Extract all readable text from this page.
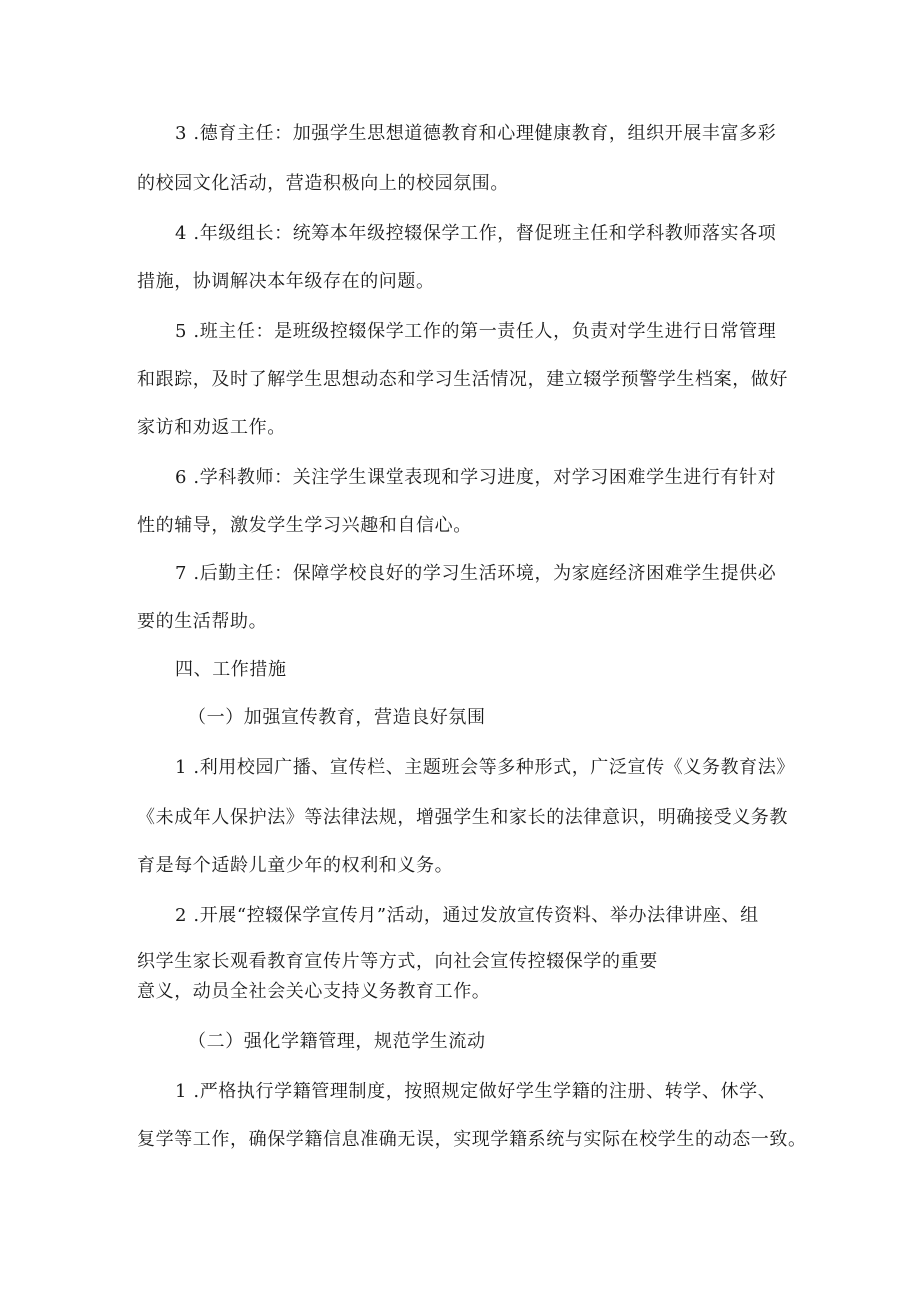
3 .德育主任：加强学生思想道德教育和心理健康教育，组织开展丰富多彩
的校园文化活动，营造积极向上的校园氛围。
4 .年级组长：统筹本年级控辍保学工作，督促班主任和学科教师落实各项
措施，协调解决本年级存在的问题。
5 .班主任：是班级控辍保学工作的第一责任人，负责对学生进行日常管理
和跟踪，及时了解学生思想动态和学习生活情况，建立辍学预警学生档案，做好
家访和劝返工作。
6 .学科教师：关注学生课堂表现和学习进度，对学习困难学生进行有针对
性的辅导，激发学生学习兴趣和自信心。
7 .后勤主任：保障学校良好的学习生活环境，为家庭经济困难学生提供必
要的生活帮助。
四、工作措施
（一）加强宣传教育，营造良好氛围
1 .利用校园广播、宣传栏、主题班会等多种形式，广泛宣传《义务教育法》
《未成年人保护法》等法律法规，增强学生和家长的法律意识，明确接受义务教
育是每个适龄儿童少年的权利和义务。
2 .开展“控辍保学宣传月”活动，通过发放宣传资料、举办法律讲座、组
织学生家长观看教育宣传片等方式，向社会宣传控辍保学的重要
意义，动员全社会关心支持义务教育工作。
（二）强化学籍管理，规范学生流动
1 .严格执行学籍管理制度，按照规定做好学生学籍的注册、转学、休学、
复学等工作，确保学籍信息准确无误，实现学籍系统与实际在校学生的动态一致。
